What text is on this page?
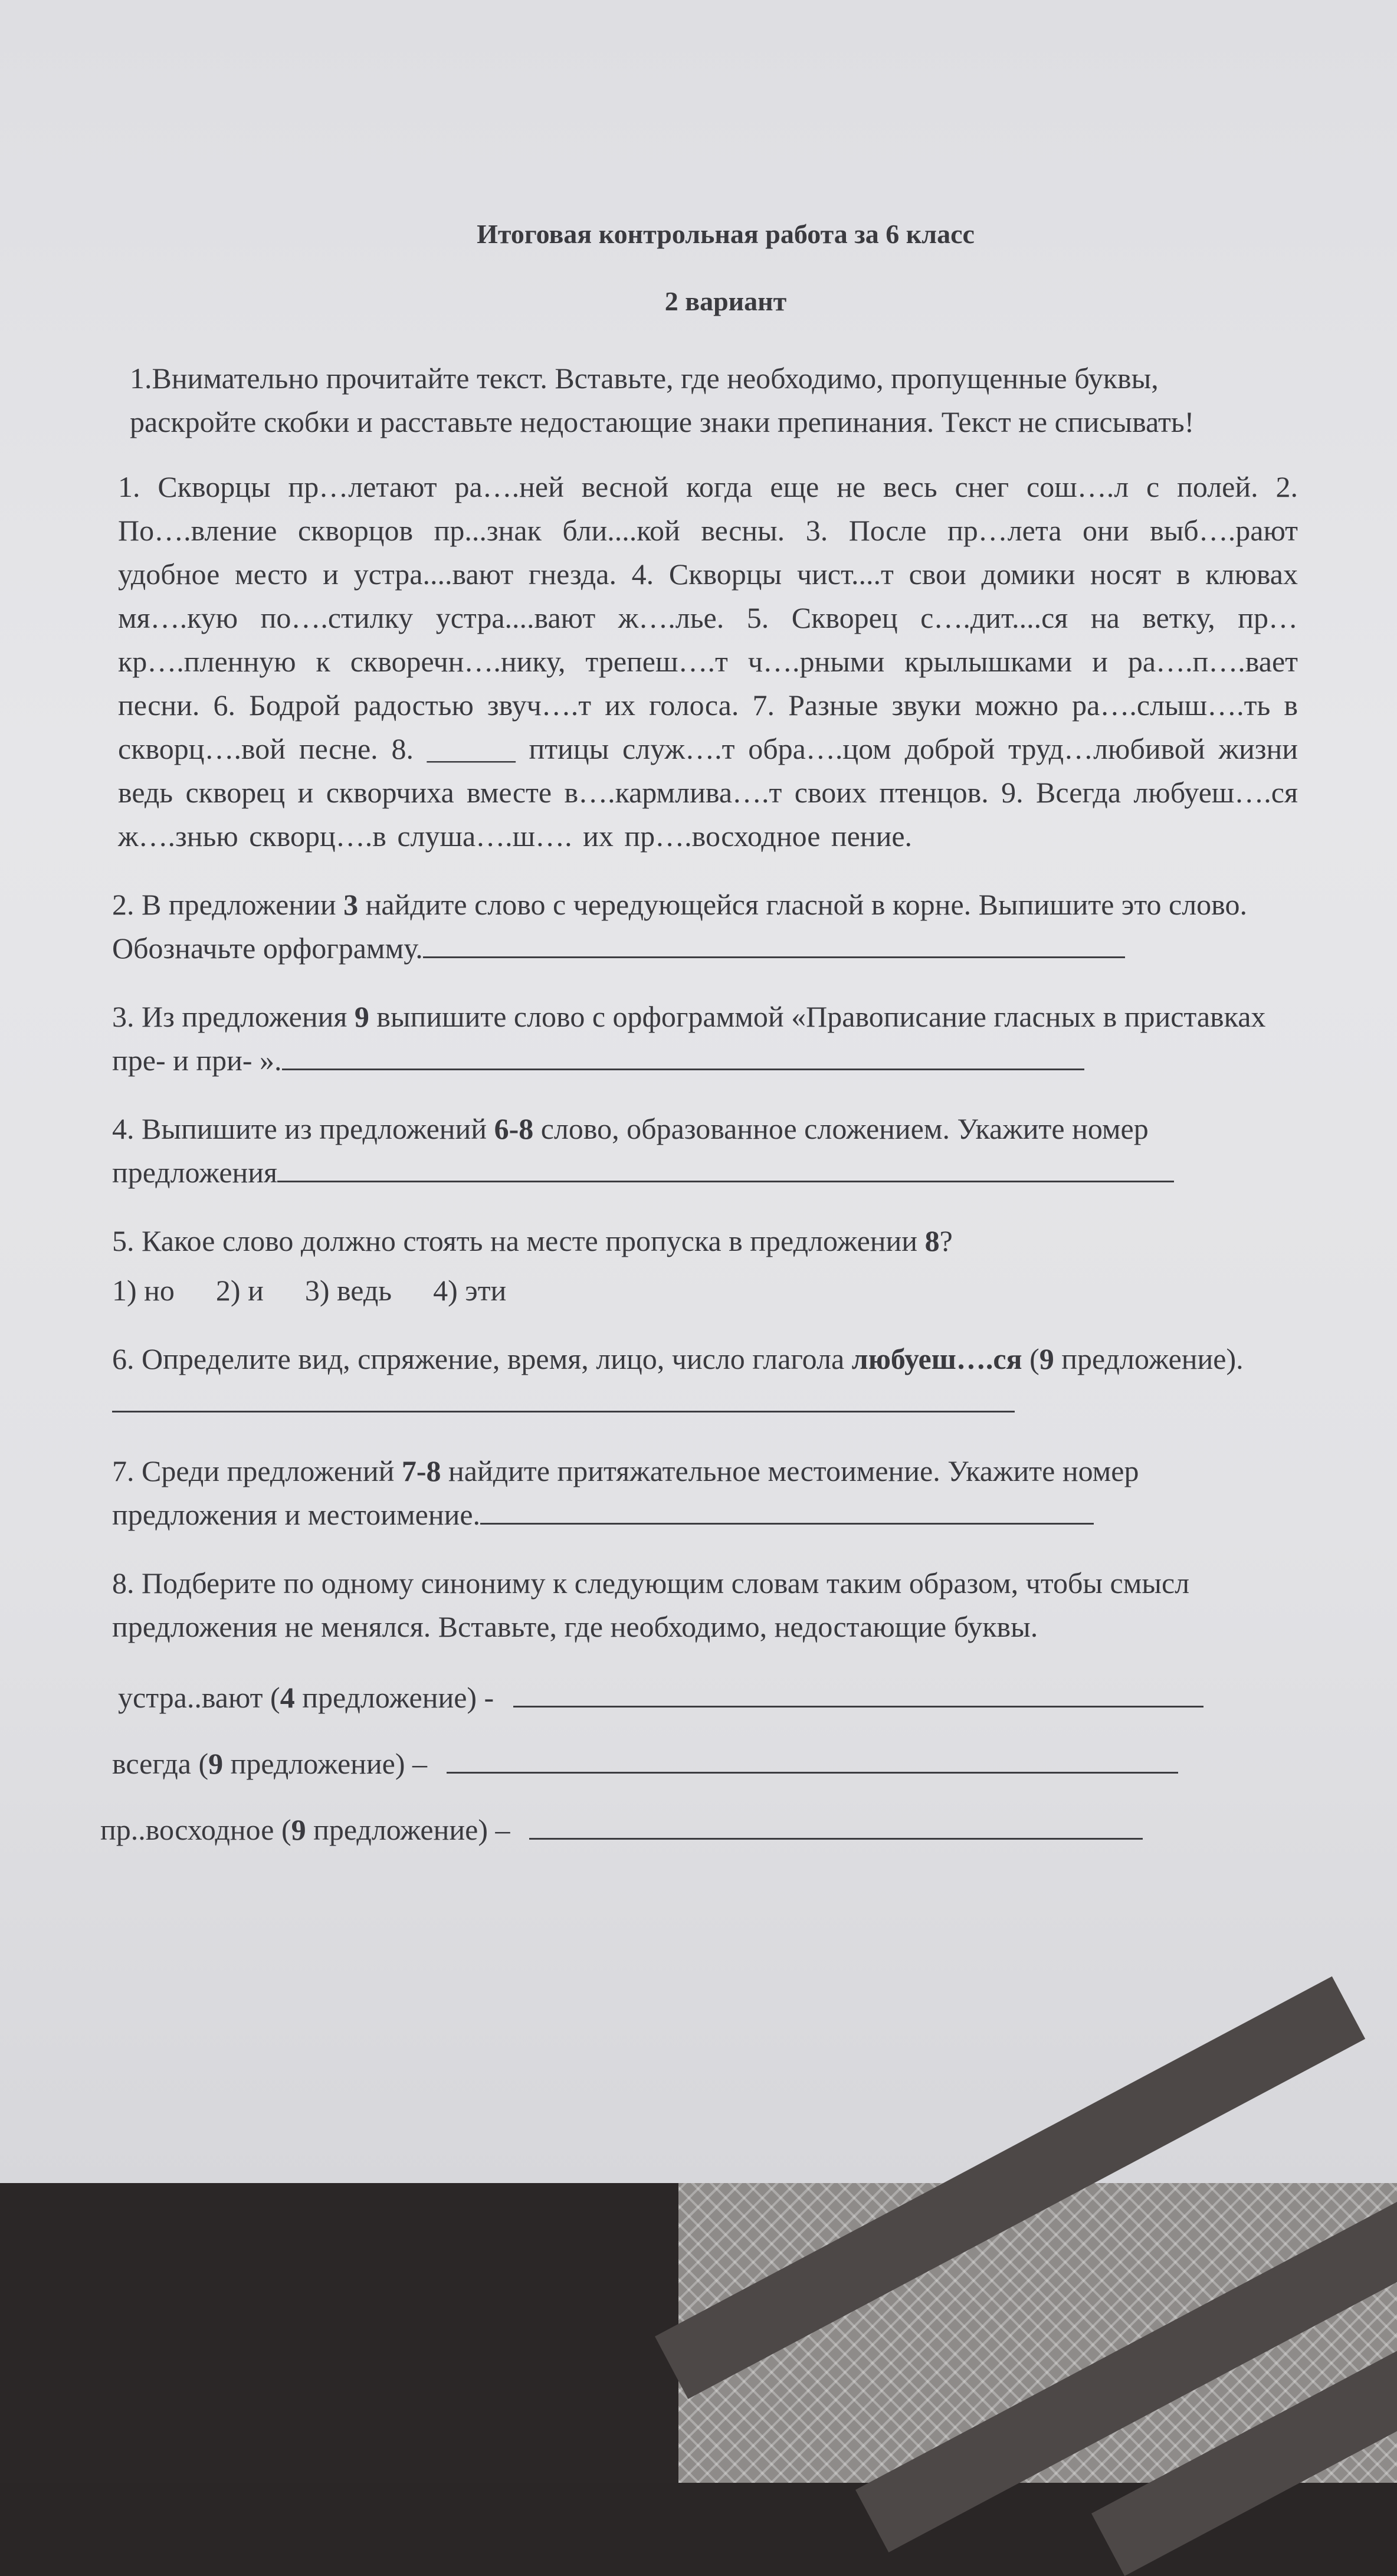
Итоговая контрольная работа за 6 класс

2 вариант

1.Внимательно прочитайте текст. Вставьте, где необходимо, пропущенные буквы, раскройте скобки и расставьте недостающие знаки препинания. Текст не списывать!

1. Скворцы пр…летают ра….ней весной когда еще не весь снег сош….л с полей. 2. По….вление скворцов пр...знак бли....кой весны. 3. После пр…лета они выб….рают удобное место и устра....вают гнезда. 4. Скворцы чист....т свои домики носят в клювах мя….кую по….стилку устра....вают ж….лье. 5. Скворец с….дит....ся на ветку, пр…кр….пленную к скворечн….нику, трепеш….т ч….рными крылышками и ра….п….вает песни. 6. Бодрой радостью звуч….т их голоса. 7. Разные звуки можно ра….слыш….ть в скворц….вой песне. 8. ______ птицы служ….т обра….цом доброй труд…любивой жизни ведь скворец и скворчиха вместе в….кармлива….т своих птенцов. 9. Всегда любуеш….ся ж….знью скворц….в слуша….ш…. их пр….восходное пение.

2. В предложении 3 найдите слово с чередующейся гласной в корне. Выпишите это слово. Обозначьте орфограмму.

3. Из предложения 9 выпишите слово с орфограммой «Правописание гласных в приставках пре- и при- ».

4. Выпишите из предложений 6-8 слово, образованное сложением. Укажите номер предложения

5. Какое слово должно стоять на месте пропуска в предложении 8?

1) но 2) и 3) ведь 4) эти

6. Определите вид, спряжение, время, лицо, число глагола любуеш….ся (9 предложение).

7. Среди предложений 7-8 найдите притяжательное местоимение. Укажите номер предложения и местоимение.

8. Подберите по одному синониму к следующим словам таким образом, чтобы смысл предложения не менялся. Вставьте, где необходимо, недостающие буквы.

устра..вают (4 предложение) -

всегда (9 предложение) –

пр..восходное (9 предложение) –
